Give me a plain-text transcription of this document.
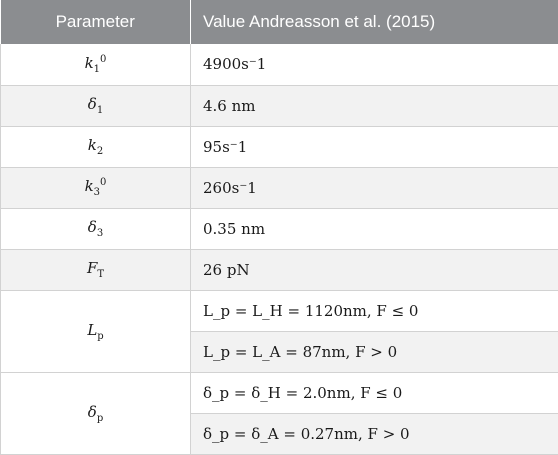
Parameter	Value Andreasson et al. (2015)
$k_1^0$	4900s⁻1
$\delta_1$	4.6 nm
$k_2$	95s⁻1
$k_3^0$	260s⁻1
$\delta_3$	0.35 nm
$F_T$	26 pN
$L_p$	L_p = L_H = 1120nm, F ≤ 0
	L_p = L_A = 87nm, F > 0
$\delta_p$	δ_p = δ_H = 2.0nm, F ≤ 0
	δ_p = δ_A = 0.27nm, F > 0
